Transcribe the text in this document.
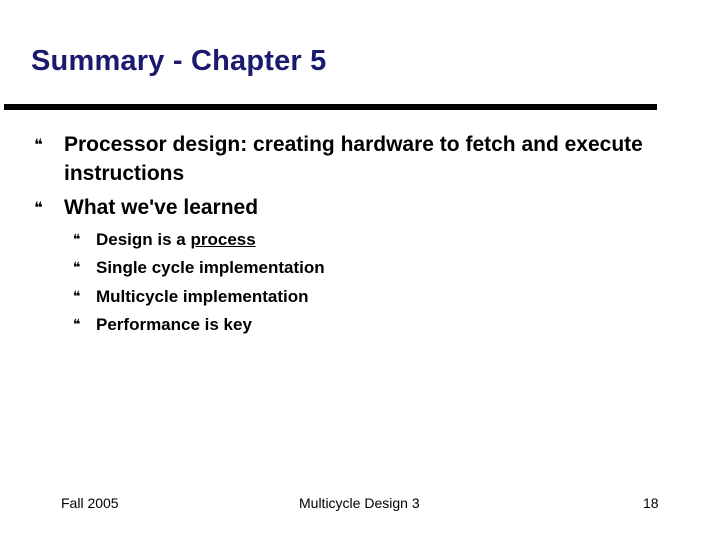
Summary - Chapter 5
❝ Processor design: creating hardware to fetch and execute instructions
❝ What we've learned
❝ Design is a process
❝ Single cycle implementation
❝ Multicycle implementation
❝ Performance is key
Fall 2005	Multicycle Design 3	18
